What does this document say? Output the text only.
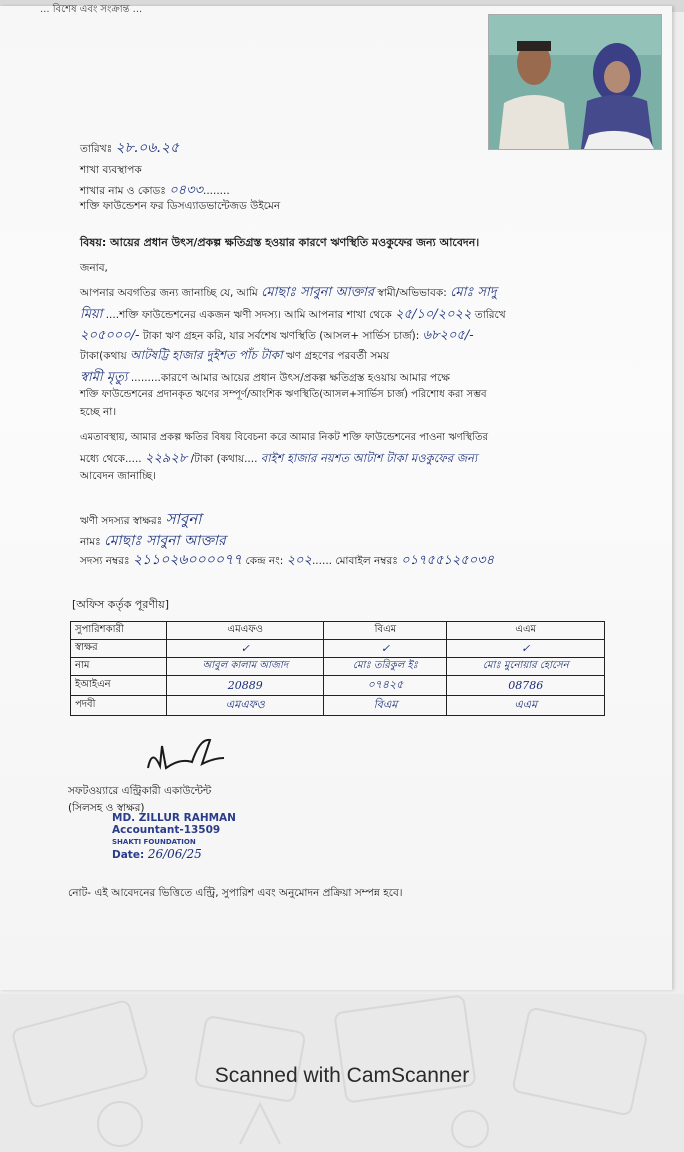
... বিশেষ এবং সংক্রান্ত ...
তারিখঃ ২৮.০৬.২৫
শাখা ব্যবস্থাপক
শাখার নাম ও কোডঃ ০৪৩৩........
শক্তি ফাউন্ডেশন ফর ডিসএ্যাডভান্টেজড উইমেন
বিষয়: আয়ের প্রধান উৎস/প্রকল্প ক্ষতিগ্রস্ত হওয়ার কারণে ঋণস্থিতি মওকুফের জন্য আবেদন।
জনাব,
আপনার অবগতির জন্য জানাচ্ছি যে, আমি মোছাঃ সাবুনা আক্তার স্বামী/অভিভাবক: মোঃ সাদু
মিয়া ....শক্তি ফাউন্ডেশনের একজন ঋণী সদস্য। আমি আপনার শাখা থেকে ২৫/১০/২০২২ তারিখে
২০৫০০০/- টাকা ঋণ গ্রহন করি, যার সর্বশেষ ঋণস্থিতি (আসল+ সার্ভিস চার্জ): ৬৮২০৫/-
টাকা(কথায় আটষট্টি হাজার দুইশত পাঁচ টাকা ঋণ গ্রহণের পরবর্তী সময়
স্বামী মৃত্যু .........কারণে আমার আয়ের প্রধান উৎস/প্রকল্প ক্ষতিগ্রস্ত হওয়ায় আমার পক্ষে
শক্তি ফাউন্ডেশনের প্রদানকৃত ঋণের সম্পূর্ণ/আংশিক ঋণস্থিতি(আসল+সার্ভিস চার্জ) পরিশোধ করা সম্ভব
হচ্ছে না।
এমতাবস্থায়, আমার প্রকল্প ক্ষতির বিষয় বিবেচনা করে আমার নিকট শক্তি ফাউন্ডেশনের পাওনা ঋণস্থিতির
মধ্যে থেকে..... ২২৯২৮ /টাকা (কথায়.... বাইশ হাজার নয়শত আটাশ টাকা মওকুফের জন্য
আবেদন জানাচ্ছি।
ঋণী সদস্যর স্বাক্ষরঃ সাবুনা
নামঃ মোছাঃ সাবুনা আক্তার
সদস্য নম্বরঃ ২১১০২৬০০০০৭৭ কেন্দ্র নং: ২০২...... মোবাইল নম্বরঃ ০১৭৫৫১২৫০৩৪
[অফিস কর্তৃক পূরণীয়]
সুপারিশকারী	এমএফও	বিএম	এএম
স্বাক্ষর	✓	✓	✓
নাম	আবুল কালাম আজাদ	মোঃ তরিকুল ইঃ	মোঃ মুনোয়ার হোসেন
ইআইএন	20889	০৭৪২৫	08786
পদবী	এমএফও	বিএম	এএম
সফটওয়্যারে এন্ট্রিকারী একাউন্টেন্ট
(সিলসহ ও স্বাক্ষর)
MD. ZILLUR RAHMAN
Accountant-13509
SHAKTI FOUNDATION
Date: 26/06/25
নোট- এই আবেদনের ভিত্তিতে এন্ট্রি, সুপারিশ এবং অনুমোদন প্রক্রিয়া সম্পন্ন হবে।
Scanned with CamScanner
